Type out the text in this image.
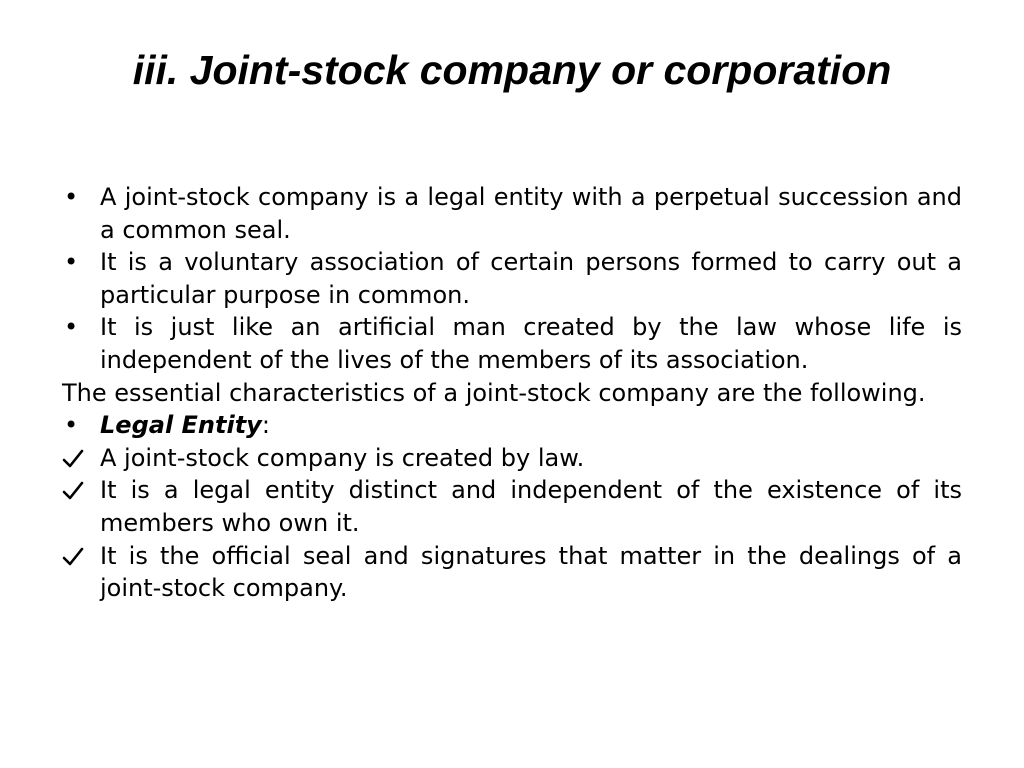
iii. Joint-stock company or corporation
• A joint-stock company is a legal entity with a perpetual succession and a common seal.
• It is a voluntary association of certain persons formed to carry out a particular purpose in common.
• It is just like an artificial man created by the law whose life is independent of the lives of the members of its association.
The essential characteristics of a joint-stock company are the following.
• Legal Entity:
A joint-stock company is created by law.
It is a legal entity distinct and independent of the existence of its members who own it.
It is the official seal and signatures that matter in the dealings of a joint-stock company.
